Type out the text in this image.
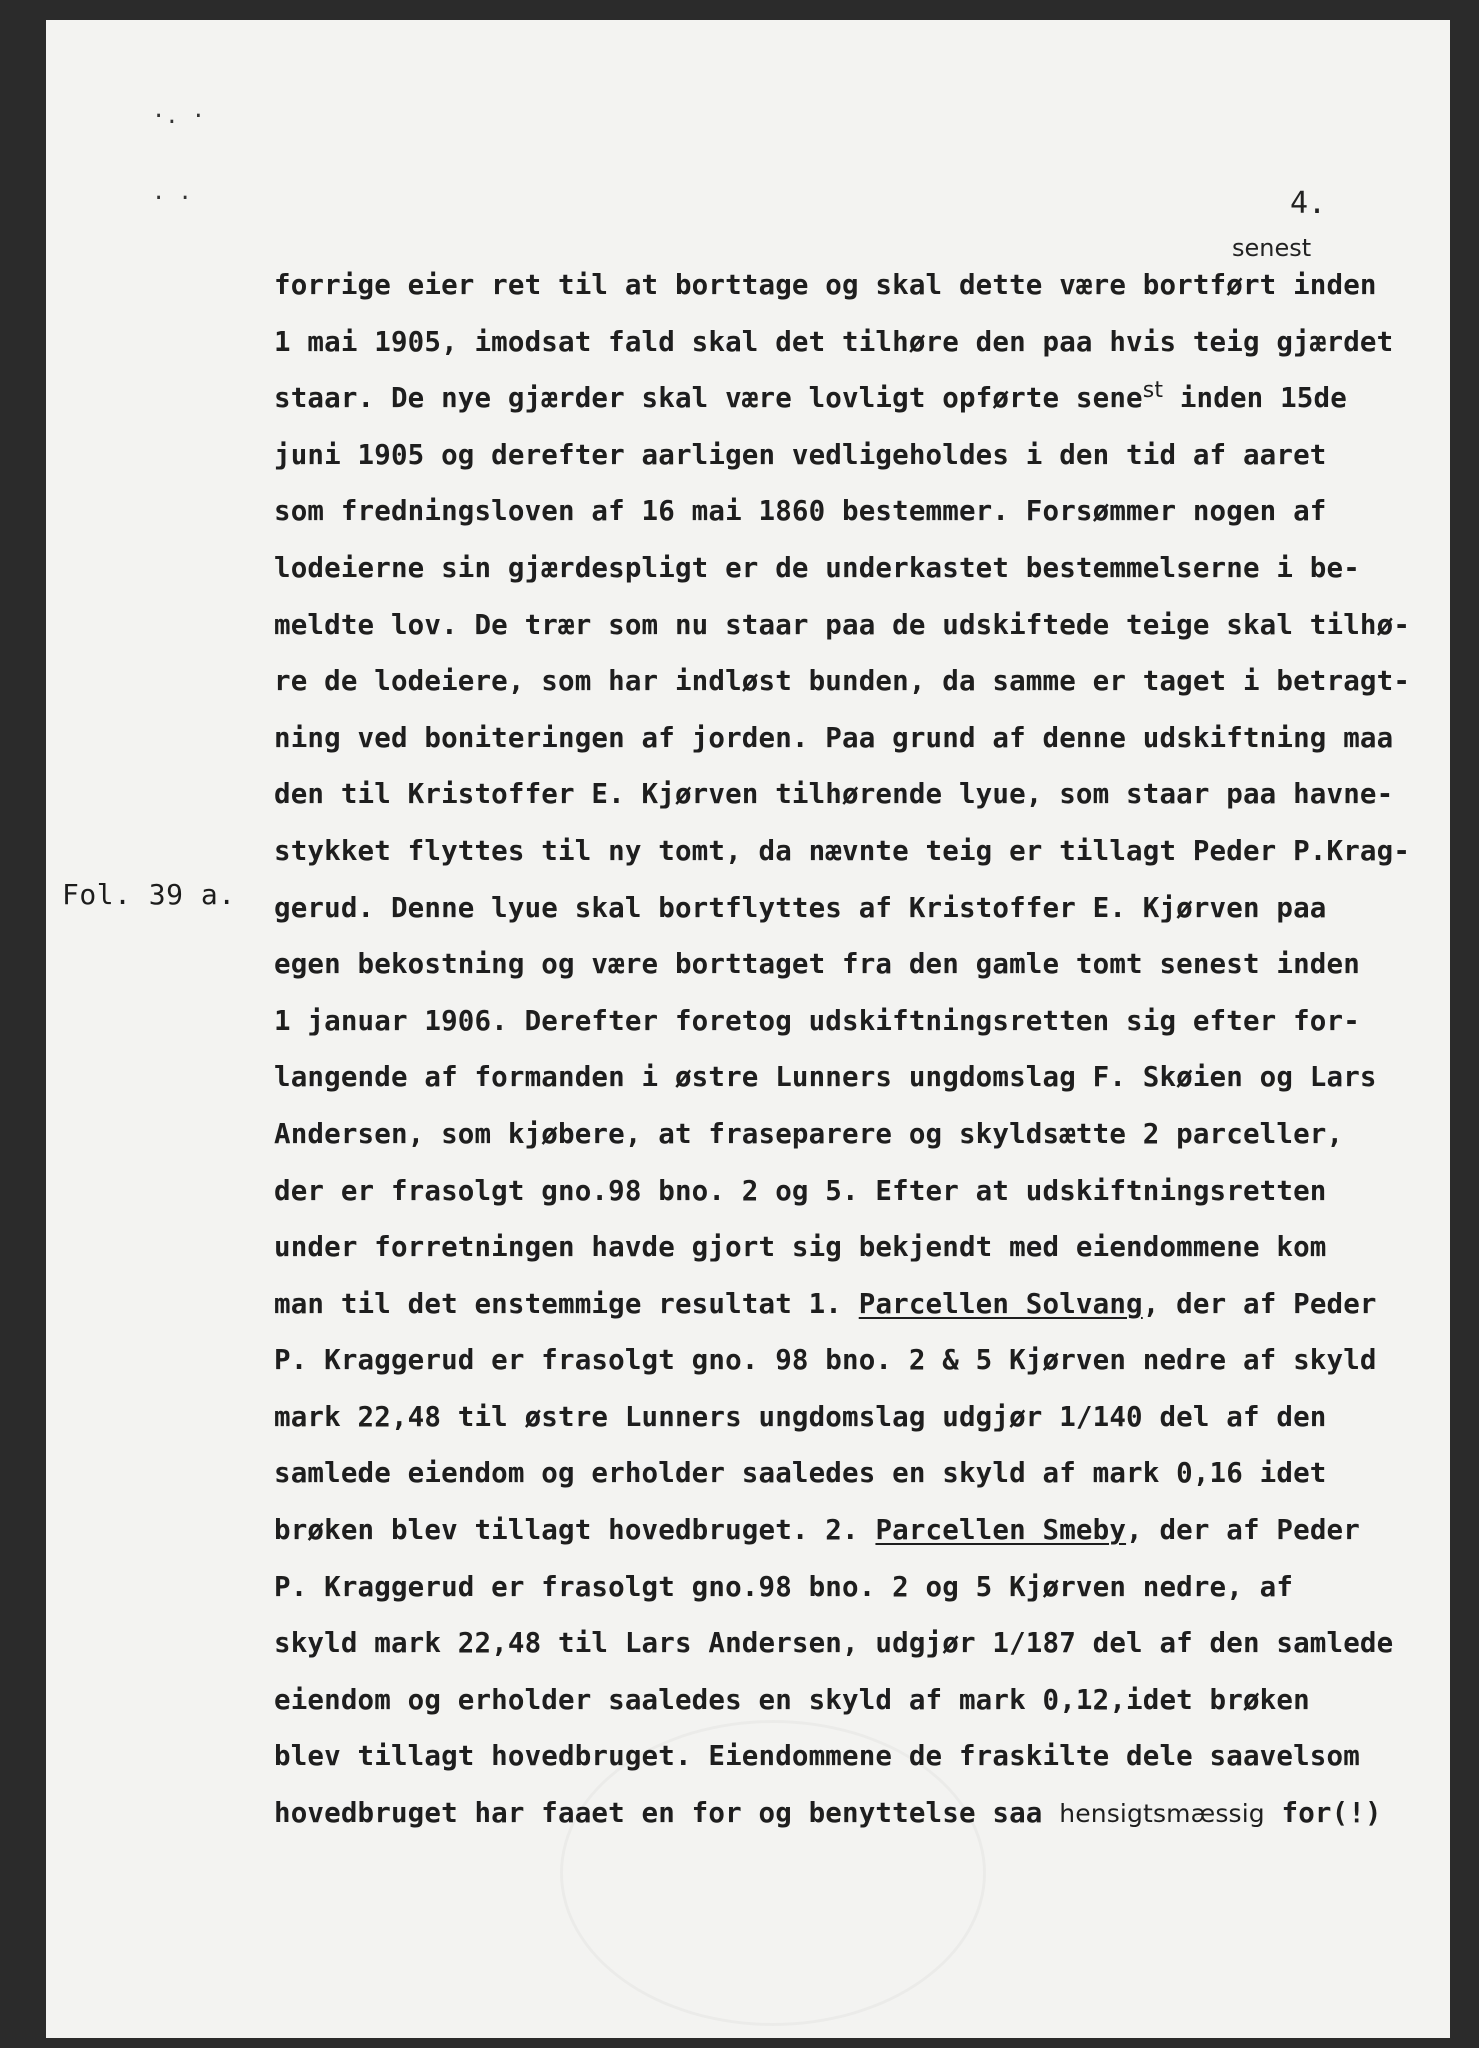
·. ·
· ·	4.
senest
Fol. 39 a.
forrige eier ret til at borttage og skal dette være bortført inden
1 mai 1905, imodsat fald skal det tilhøre den paa hvis teig gjærdet
staar. De nye gjærder skal være lovligt opførte sene$^{st}$ inden 15de
juni 1905 og derefter aarligen vedligeholdes i den tid af aaret
som fredningsloven af 16 mai 1860 bestemmer. Forsømmer nogen af
lodeierne sin gjærdespligt er de underkastet bestemmelserne i be-
meldte lov. De trær som nu staar paa de udskiftede teige skal tilhø-
re de lodeiere, som har indløst bunden, da samme er taget i betragt-
ning ved boniteringen af jorden. Paa grund af denne udskiftning maa
den til Kristoffer E. Kjørven tilhørende lyue, som staar paa havne-
stykket flyttes til ny tomt, da nævnte teig er tillagt Peder P.Krag-
gerud. Denne lyue skal bortflyttes af Kristoffer E. Kjørven paa
egen bekostning og være borttaget fra den gamle tomt senest inden
1 januar 1906. Derefter foretog udskiftningsretten sig efter for-
langende af formanden i østre Lunners ungdomslag F. Skøien og Lars
Andersen, som kjøbere, at fraseparere og skyldsætte 2 parceller,
der er frasolgt gno.98 bno. 2 og 5. Efter at udskiftningsretten
under forretningen havde gjort sig bekjendt med eiendommene kom
man til det enstemmige resultat 1. Parcellen Solvang, der af Peder
P. Kraggerud er frasolgt gno. 98 bno. 2 & 5 Kjørven nedre af skyld
mark 22,48 til østre Lunners ungdomslag udgjør 1/140 del af den
samlede eiendom og erholder saaledes en skyld af mark 0,16 idet
brøken blev tillagt hovedbruget. 2. Parcellen Smeby, der af Peder
P. Kraggerud er frasolgt gno.98 bno. 2 og 5 Kjørven nedre, af
skyld mark 22,48 til Lars Andersen, udgjør 1/187 del af den samlede
eiendom og erholder saaledes en skyld af mark 0,12,idet brøken
blev tillagt hovedbruget. Eiendommene de fraskilte dele saavelsom
hovedbruget har faaet en for og benyttelse saa hensigtsmæssig for(!)
